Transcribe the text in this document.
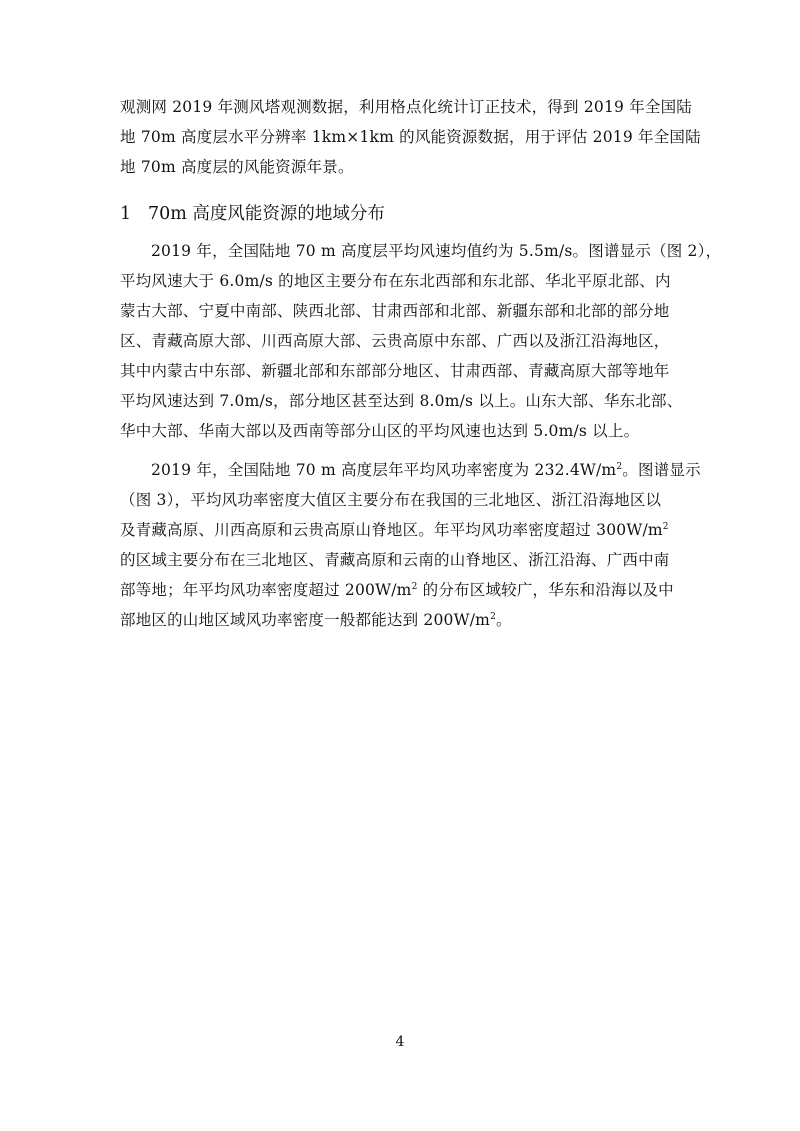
观测网 2019 年测风塔观测数据，利用格点化统计订正技术，得到 2019 年全国陆
地 70m 高度层水平分辨率 1km×1km 的风能资源数据，用于评估 2019 年全国陆
地 70m 高度层的风能资源年景。
1 70m 高度风能资源的地域分布
2019 年，全国陆地 70 m 高度层平均风速均值约为 5.5m/s。图谱显示（图 2），
平均风速大于 6.0m/s 的地区主要分布在东北西部和东北部、华北平原北部、内
蒙古大部、宁夏中南部、陕西北部、甘肃西部和北部、新疆东部和北部的部分地
区、青藏高原大部、川西高原大部、云贵高原中东部、广西以及浙江沿海地区，
其中内蒙古中东部、新疆北部和东部部分地区、甘肃西部、青藏高原大部等地年
平均风速达到 7.0m/s，部分地区甚至达到 8.0m/s 以上。山东大部、华东北部、
华中大部、华南大部以及西南等部分山区的平均风速也达到 5.0m/s 以上。
2019 年，全国陆地 70 m 高度层年平均风功率密度为 $232.4W/m^2$。图谱显示
（图 3），平均风功率密度大值区主要分布在我国的三北地区、浙江沿海地区以
及青藏高原、川西高原和云贵高原山脊地区。年平均风功率密度超过 $300W/m^2$
的区域主要分布在三北地区、青藏高原和云南的山脊地区、浙江沿海、广西中南
部等地；年平均风功率密度超过 $200W/m^2$ 的分布区域较广，华东和沿海以及中
部地区的山地区域风功率密度一般都能达到 $200W/m^2$。
4
